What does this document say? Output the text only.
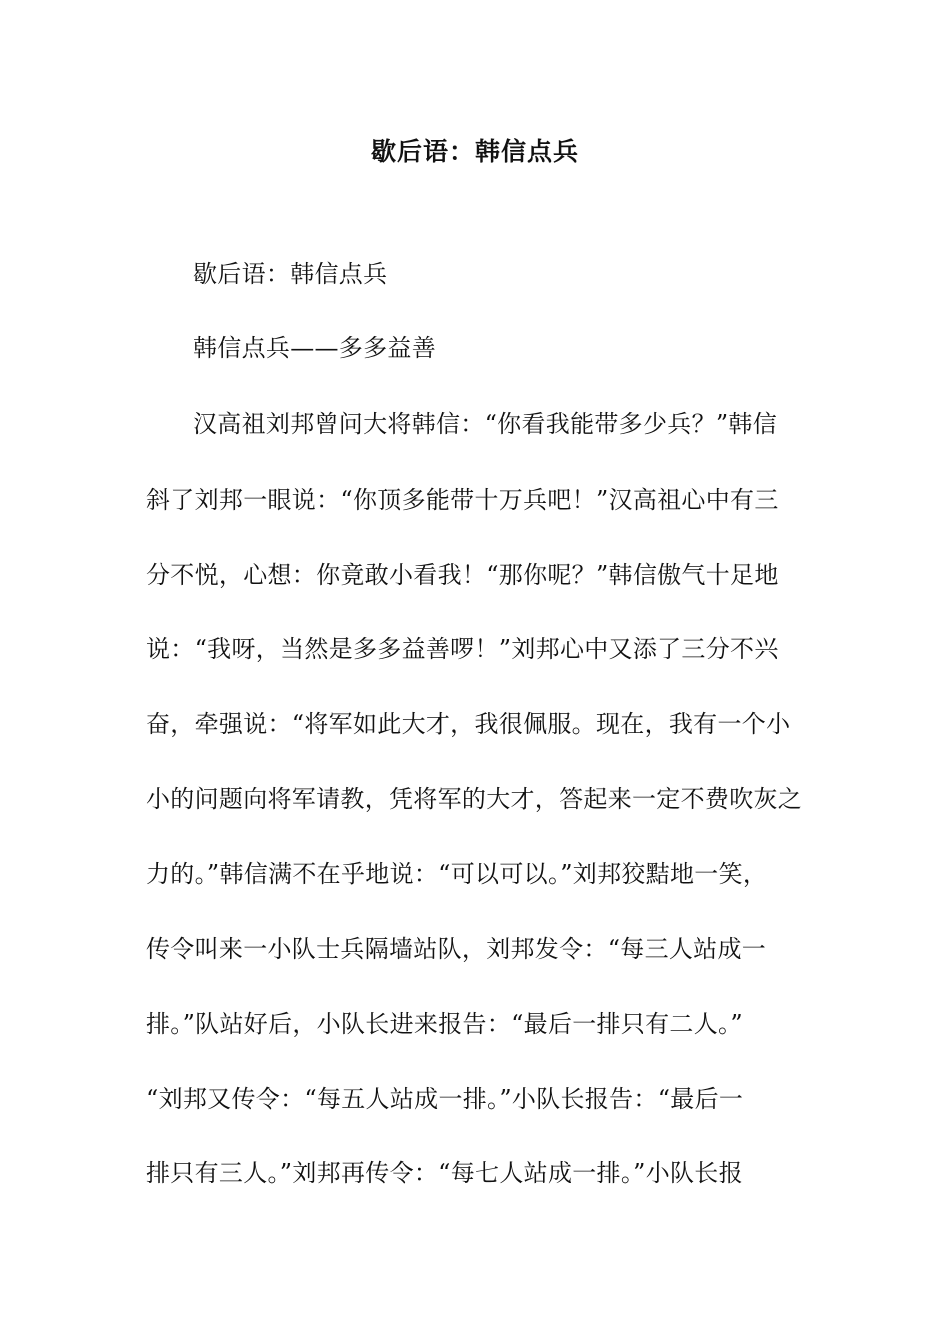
歇后语：韩信点兵
歇后语：韩信点兵
韩信点兵——多多益善
汉高祖刘邦曾问大将韩信：“你看我能带多少兵？”韩信
斜了刘邦一眼说：“你顶多能带十万兵吧！”汉高祖心中有三
分不悦，心想：你竟敢小看我！“那你呢？”韩信傲气十足地
说：“我呀，当然是多多益善啰！”刘邦心中又添了三分不兴
奋，牵强说：“将军如此大才，我很佩服。现在，我有一个小
小的问题向将军请教，凭将军的大才，答起来一定不费吹灰之
力的。”韩信满不在乎地说：“可以可以。”刘邦狡黠地一笑，
传令叫来一小队士兵隔墙站队，刘邦发令：“每三人站成一
排。”队站好后，小队长进来报告：“最后一排只有二人。”
“刘邦又传令：“每五人站成一排。”小队长报告：“最后一
排只有三人。”刘邦再传令：“每七人站成一排。”小队长报
